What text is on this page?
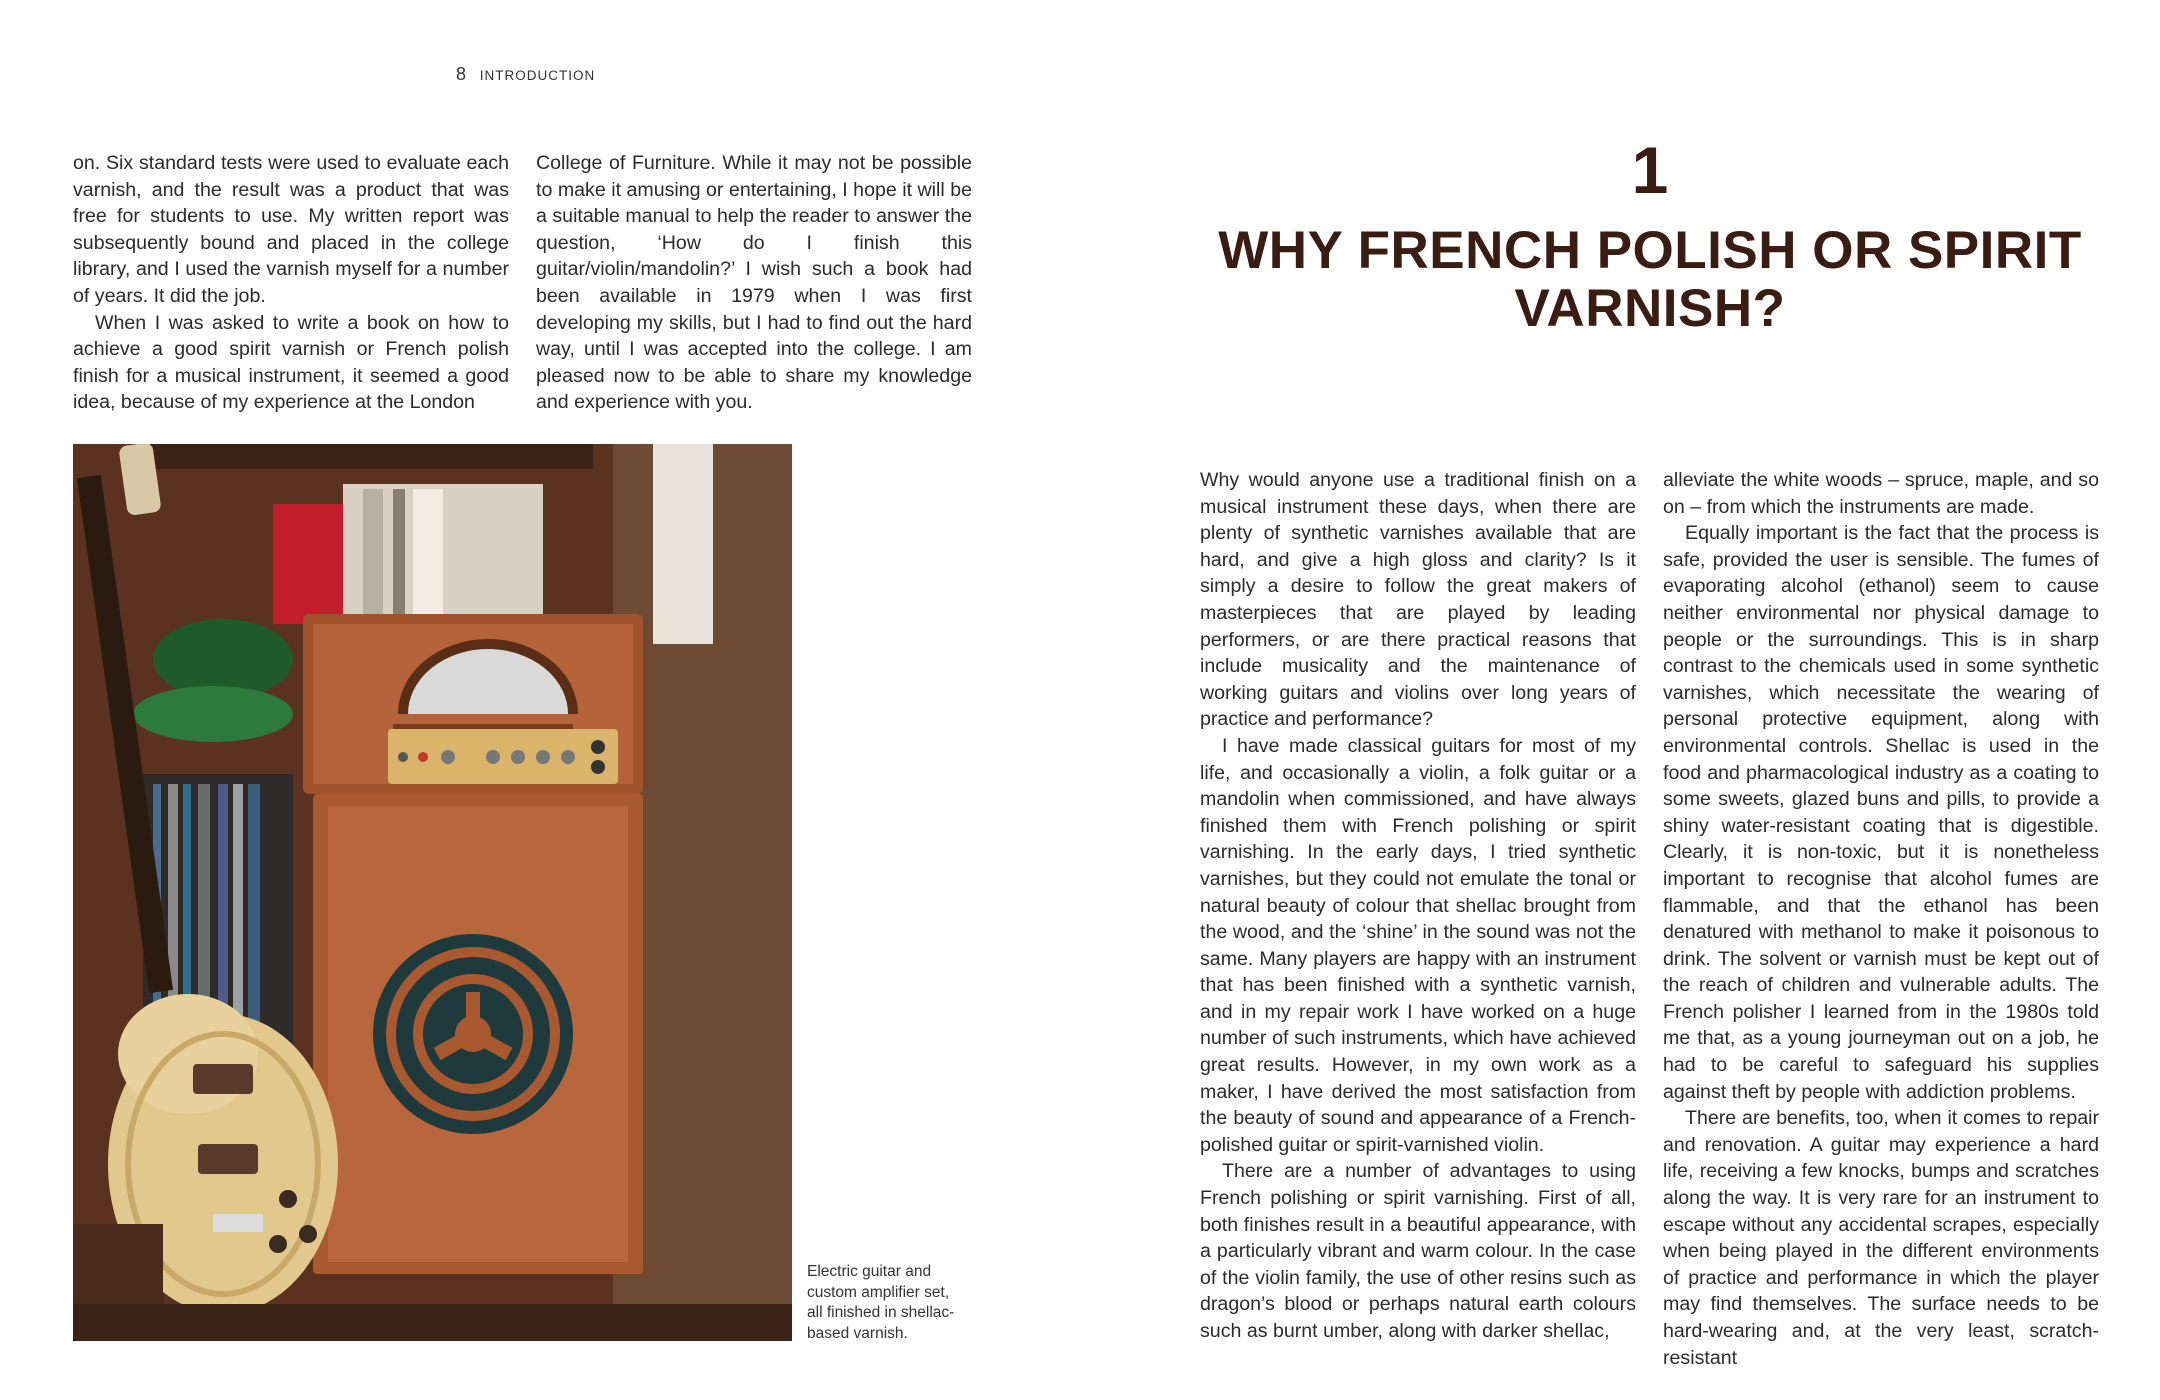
8 INTRODUCTION

on. Six standard tests were used to evaluate each varnish, and the result was a product that was free for students to use. My written report was subsequently bound and placed in the college library, and I used the varnish myself for a number of years. It did the job.

When I was asked to write a book on how to achieve a good spirit varnish or French polish finish for a musical instrument, it seemed a good idea, because of my experience at the London

College of Furniture. While it may not be possible to make it amusing or entertaining, I hope it will be a suitable manual to help the reader to answer the question, ‘How do I finish this guitar/violin/mandolin?’ I wish such a book had been available in 1979 when I was first developing my skills, but I had to find out the hard way, until I was accepted into the college. I am pleased now to be able to share my knowledge and experience with you.

Electric guitar and custom amplifier set, all finished in shellac-based varnish.
1
WHY FRENCH POLISH OR SPIRIT VARNISH?

Why would anyone use a traditional finish on a musical instrument these days, when there are plenty of synthetic varnishes available that are hard, and give a high gloss and clarity? Is it simply a desire to follow the great makers of masterpieces that are played by leading performers, or are there practical reasons that include musicality and the maintenance of working guitars and violins over long years of practice and performance?

I have made classical guitars for most of my life, and occasionally a violin, a folk guitar or a mandolin when commissioned, and have always finished them with French polishing or spirit varnishing. In the early days, I tried synthetic varnishes, but they could not emulate the tonal or natural beauty of colour that shellac brought from the wood, and the ‘shine’ in the sound was not the same. Many players are happy with an instrument that has been finished with a synthetic varnish, and in my repair work I have worked on a huge number of such instruments, which have achieved great results. However, in my own work as a maker, I have derived the most satisfaction from the beauty of sound and appearance of a French-polished guitar or spirit-varnished violin.

There are a number of advantages to using French polishing or spirit varnishing. First of all, both finishes result in a beautiful appearance, with a particularly vibrant and warm colour. In the case of the violin family, the use of other resins such as dragon’s blood or perhaps natural earth colours such as burnt umber, along with darker shellac,

alleviate the white woods – spruce, maple, and so on – from which the instruments are made.

Equally important is the fact that the process is safe, provided the user is sensible. The fumes of evaporating alcohol (ethanol) seem to cause neither environmental nor physical damage to people or the surroundings. This is in sharp contrast to the chemicals used in some synthetic varnishes, which necessitate the wearing of personal protective equipment, along with environmental controls. Shellac is used in the food and pharmacological industry as a coating to some sweets, glazed buns and pills, to provide a shiny water-resistant coating that is digestible. Clearly, it is non-toxic, but it is nonetheless important to recognise that alcohol fumes are flammable, and that the ethanol has been denatured with methanol to make it poisonous to drink. The solvent or varnish must be kept out of the reach of children and vulnerable adults. The French polisher I learned from in the 1980s told me that, as a young journeyman out on a job, he had to be careful to safeguard his supplies against theft by people with addiction problems.

There are benefits, too, when it comes to repair and renovation. A guitar may experience a hard life, receiving a few knocks, bumps and scratches along the way. It is very rare for an instrument to escape without any accidental scrapes, especially when being played in the different environments of practice and performance in which the player may find themselves. The surface needs to be hard-wearing and, at the very least, scratch-resistant
